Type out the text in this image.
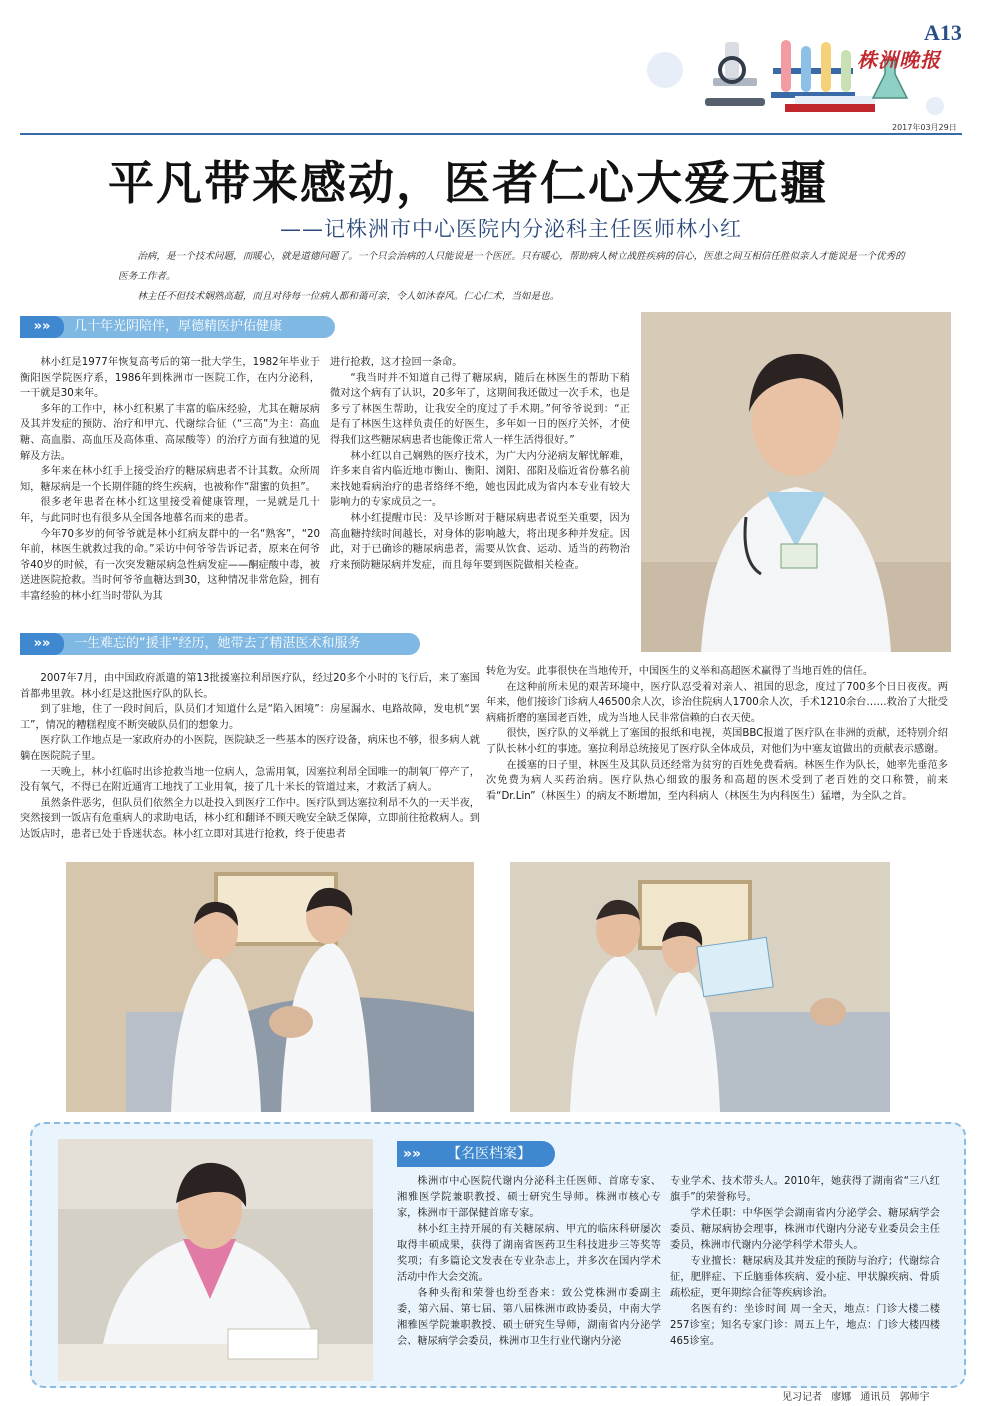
A13
株洲晚报
2017年03月29日
平凡带来感动，医者仁心大爱无疆
——记株洲市中心医院内分泌科主任医师林小红

治病，是一个技术问题，而暖心，就是道德问题了。一个只会治病的人只能说是一个医匠。只有暖心，帮助病人树立战胜疾病的信心，医患之间互相信任胜似亲人才能说是一个优秀的医务工作者。

林主任不但技术娴熟高超，而且对待每一位病人都和蔼可亲，令人如沐春风。仁心仁术，当如是也。

»» 几十年光阴陪伴，厚德精医护佑健康

林小红是1977年恢复高考后的第一批大学生，1982年毕业于衡阳医学院医疗系，1986年到株洲市一医院工作，在内分泌科，一干就是30来年。

多年的工作中，林小红积累了丰富的临床经验，尤其在糖尿病及其并发症的预防、治疗和甲亢、代谢综合征（“三高”为主：高血糖、高血脂、高血压及高体重、高尿酸等）的治疗方面有独道的见解及方法。

多年来在林小红手上接受治疗的糖尿病患者不计其数。众所周知，糖尿病是一个长期伴随的终生疾病，也被称作“甜蜜的负担”。

很多老年患者在林小红这里接受着健康管理，一晃就是几十年，与此同时也有很多从全国各地慕名而来的患者。

今年70多岁的何爷爷就是林小红病友群中的一名“熟客”，“20年前，林医生就救过我的命。”采访中何爷爷告诉记者，原来在何爷爷40岁的时候，有一次突发糖尿病急性病发症——酮症酸中毒，被送进医院抢救。当时何爷爷血糖达到30，这种情况非常危险，拥有丰富经验的林小红当时带队为其

进行抢救，这才捡回一条命。

“我当时并不知道自己得了糖尿病，随后在林医生的帮助下稍微对这个病有了认识，20多年了，这期间我还做过一次手术，也是多亏了林医生帮助，让我安全的度过了手术期。”何爷爷说到：“正是有了林医生这样负责任的好医生，多年如一日的医疗关怀，才使得我们这些糖尿病患者也能像正常人一样生活得很好。”

林小红以自己娴熟的医疗技术，为广大内分泌病友解忧解难，许多来自省内临近地市衡山、衡阳、浏阳、邵阳及临近省份慕名前来找她看病治疗的患者络绎不绝，她也因此成为省内本专业有较大影响力的专家成员之一。

林小红提醒市民：及早诊断对于糖尿病患者说至关重要，因为高血糖持续时间越长，对身体的影响越大，将出现多种并发症。因此，对于已确诊的糖尿病患者，需要从饮食、运动、适当的药物治疗来预防糖尿病并发症，而且每年要到医院做相关检查。

»» 一生难忘的“援非”经历，她带去了精湛医术和服务

2007年7月，由中国政府派遣的第13批援塞拉利昂医疗队，经过20多个小时的飞行后，来了塞国首都弗里敦。林小红是这批医疗队的队长。

到了驻地，住了一段时间后，队员们才知道什么是“陷入困境”：房屋漏水、电路故障，发电机“罢工”，情况的糟糕程度不断突破队员们的想象力。

医疗队工作地点是一家政府办的小医院，医院缺乏一些基本的医疗设备，病床也不够，很多病人就躺在医院院子里。

一天晚上，林小红临时出诊抢救当地一位病人，急需用氧，因塞拉利昂全国唯一的制氧厂停产了，没有氧气，不得已在附近通宵工地找了工业用氧，接了几十米长的管道过来，才救活了病人。

虽然条件恶劣，但队员们依然全力以赴投入到医疗工作中。医疗队到达塞拉利昂不久的一天半夜，突然接到一饭店有危重病人的求助电话，林小红和翻译不顾天晚安全缺乏保障，立即前往抢救病人。到达饭店时，患者已处于昏迷状态。林小红立即对其进行抢救，终于使患者

转危为安。此事很快在当地传开，中国医生的义举和高超医术赢得了当地百姓的信任。

在这种前所未见的艰苦环境中，医疗队忍受着对亲人、祖国的思念，度过了700多个日日夜夜。两年来，他们接诊门诊病人46500余人次，诊治住院病人1700余人次，手术1210余台……救治了大批受病痛折磨的塞国老百姓，成为当地人民非常信赖的白衣天使。

很快，医疗队的义举就上了塞国的报纸和电视，英国BBC报道了医疗队在非洲的贡献，还特别介绍了队长林小红的事迹。塞拉利昂总统接见了医疗队全体成员，对他们为中塞友谊做出的贡献表示感谢。

在援塞的日子里，林医生及其队员还经常为贫穷的百姓免费看病。林医生作为队长，她率先垂范多次免费为病人买药治病。医疗队热心细致的服务和高超的医术受到了老百姓的交口称赞，前来看“Dr.Lin”（林医生）的病友不断增加，至内科病人（林医生为内科医生）猛增，为全队之首。

»» 【名医档案】

株洲市中心医院代谢内分泌科主任医师、首席专家、湘雅医学院兼职教授、硕士研究生导师。株洲市核心专家，株洲市干部保健首席专家。

林小红主持开展的有关糖尿病、甲亢的临床科研屡次取得丰硕成果，获得了湖南省医药卫生科技进步三等奖等奖项；有多篇论文发表在专业杂志上，并多次在国内学术活动中作大会交流。

各种头衔和荣誉也纷至沓来：致公党株洲市委副主委，第六届、第七届、第八届株洲市政协委员，中南大学湘雅医学院兼职教授、硕士研究生导师，湖南省内分泌学会、糖尿病学会委员，株洲市卫生行业代谢内分泌

专业学术、技术带头人。2010年，她获得了湖南省“三八红旗手”的荣誉称号。

学术任职：中华医学会湖南省内分泌学会、糖尿病学会委员、糖尿病协会理事，株洲市代谢内分泌专业委员会主任委员，株洲市代谢内分泌学科学术带头人。

专业擅长：糖尿病及其并发症的预防与治疗；代谢综合征，肥胖症、下丘脑垂体疾病、爱小症、甲状腺疾病、骨质疏松症，更年期综合征等疾病诊治。

名医有约：坐诊时间 周一全天，地点：门诊大楼二楼257诊室；知名专家门诊：周五上午，地点：门诊大楼四楼465诊室。

见习记者 廖娜 通讯员 郭师宇
